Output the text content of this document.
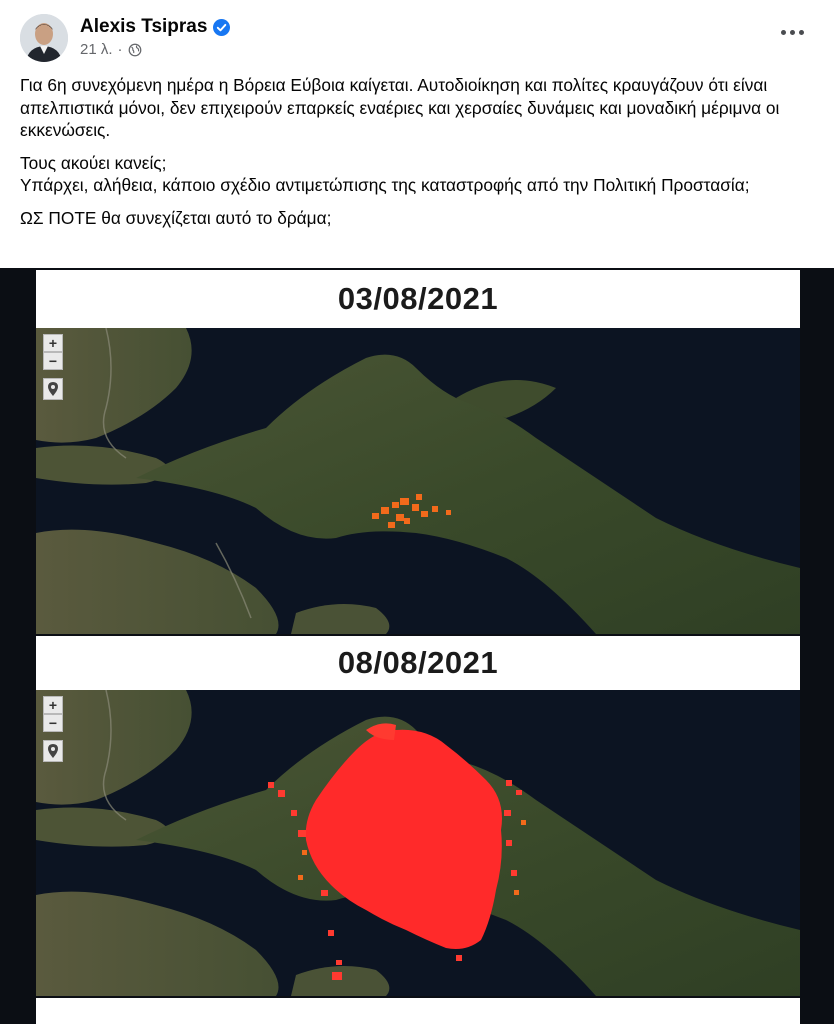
Alexis Tsipras
21 λ. ·

Για 6η συνεχόμενη ημέρα η Βόρεια Εύβοια καίγεται. Αυτοδιοίκηση και πολίτες κραυγάζουν ότι είναι απελπιστικά μόνοι, δεν επιχειρούν επαρκείς εναέριες και χερσαίες δυνάμεις και μοναδική μέριμνα οι εκκενώσεις.

Τους ακούει κανείς;

Υπάρχει, αλήθεια, κάποιο σχέδιο αντιμετώπισης της καταστροφής από την Πολιτική Προστασία;

ΩΣ ΠΟΤΕ θα συνεχίζεται αυτό το δράμα;

03/08/2021
+
−
08/08/2021
+
−
